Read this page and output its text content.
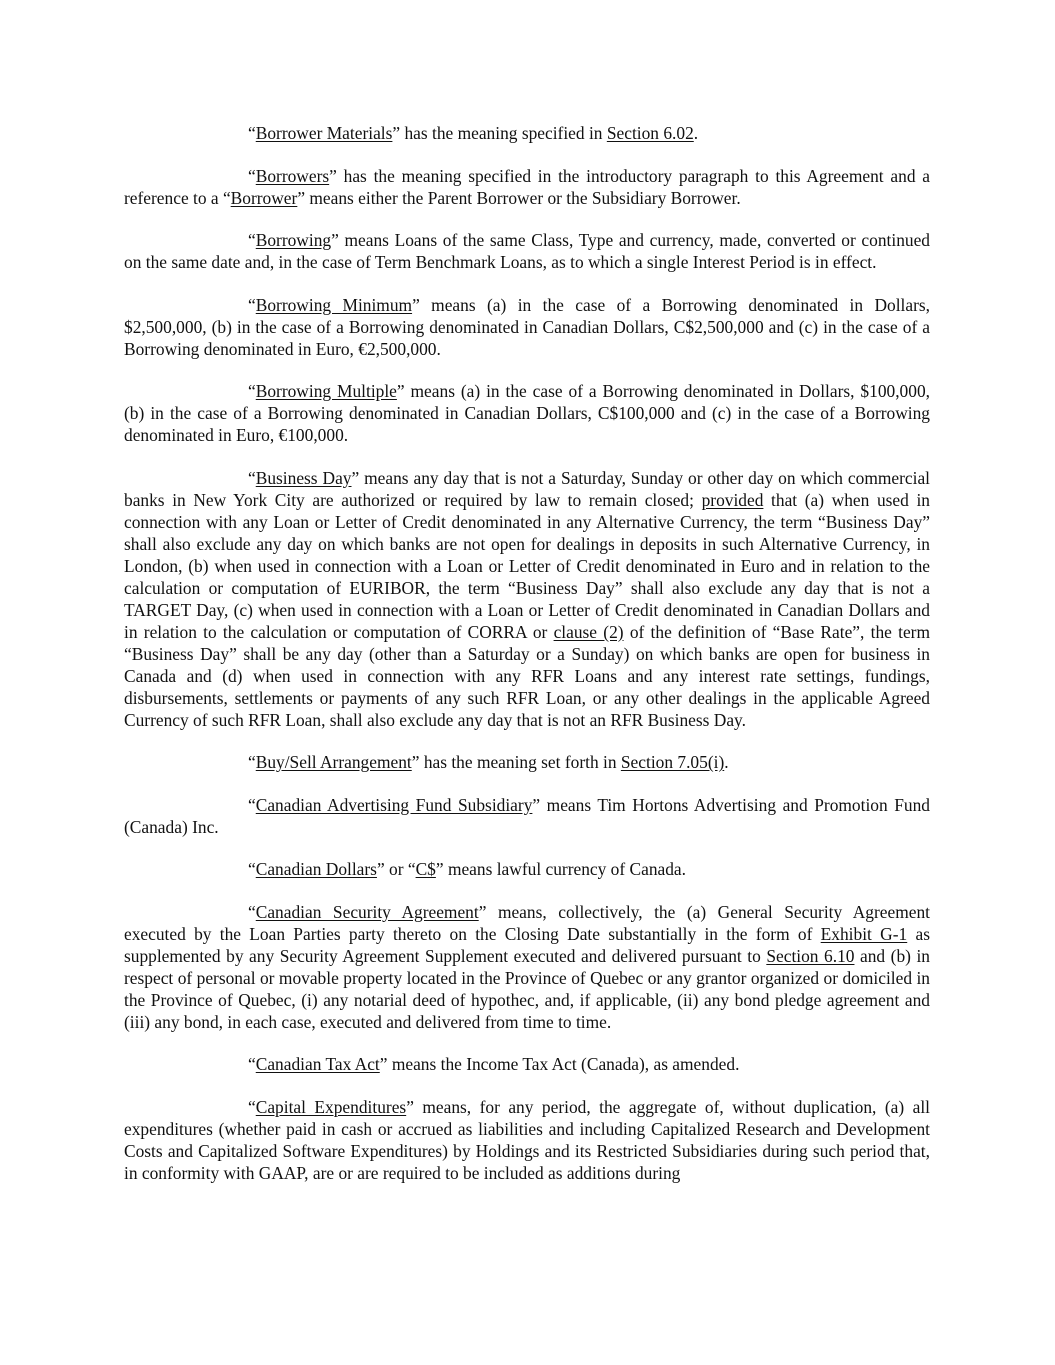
“Borrower Materials” has the meaning specified in Section 6.02.

“Borrowers” has the meaning specified in the introductory paragraph to this Agreement and a reference to a “Borrower” means either the Parent Borrower or the Subsidiary Borrower.

“Borrowing” means Loans of the same Class, Type and currency, made, converted or continued on the same date and, in the case of Term Benchmark Loans, as to which a single Interest Period is in effect.

“Borrowing Minimum” means (a) in the case of a Borrowing denominated in Dollars, $2,500,000, (b) in the case of a Borrowing denominated in Canadian Dollars, C$2,500,000 and (c) in the case of a Borrowing denominated in Euro, €2,500,000.

“Borrowing Multiple” means (a) in the case of a Borrowing denominated in Dollars, $100,000, (b) in the case of a Borrowing denominated in Canadian Dollars, C$100,000 and (c) in the case of a Borrowing denominated in Euro, €100,000.

“Business Day” means any day that is not a Saturday, Sunday or other day on which commercial banks in New York City are authorized or required by law to remain closed; provided that (a) when used in connection with any Loan or Letter of Credit denominated in any Alternative Currency, the term “Business Day” shall also exclude any day on which banks are not open for dealings in deposits in such Alternative Currency, in London, (b) when used in connection with a Loan or Letter of Credit denominated in Euro and in relation to the calculation or computation of EURIBOR, the term “Business Day” shall also exclude any day that is not a TARGET Day, (c) when used in connection with a Loan or Letter of Credit denominated in Canadian Dollars and in relation to the calculation or computation of CORRA or clause (2) of the definition of “Base Rate”, the term “Business Day” shall be any day (other than a Saturday or a Sunday) on which banks are open for business in Canada and (d) when used in connection with any RFR Loans and any interest rate settings, fundings, disbursements, settlements or payments of any such RFR Loan, or any other dealings in the applicable Agreed Currency of such RFR Loan, shall also exclude any day that is not an RFR Business Day.

“Buy/Sell Arrangement” has the meaning set forth in Section 7.05(i).

“Canadian Advertising Fund Subsidiary” means Tim Hortons Advertising and Promotion Fund (Canada) Inc.

“Canadian Dollars” or “C$” means lawful currency of Canada.

“Canadian Security Agreement” means, collectively, the (a) General Security Agreement executed by the Loan Parties party thereto on the Closing Date substantially in the form of Exhibit G-1 as supplemented by any Security Agreement Supplement executed and delivered pursuant to Section 6.10 and (b) in respect of personal or movable property located in the Province of Quebec or any grantor organized or domiciled in the Province of Quebec, (i) any notarial deed of hypothec, and, if applicable, (ii) any bond pledge agreement and (iii) any bond, in each case, executed and delivered from time to time.

“Canadian Tax Act” means the Income Tax Act (Canada), as amended.

“Capital Expenditures” means, for any period, the aggregate of, without duplication, (a) all expenditures (whether paid in cash or accrued as liabilities and including Capitalized Research and Development Costs and Capitalized Software Expenditures) by Holdings and its Restricted Subsidiaries during such period that, in conformity with GAAP, are or are required to be included as additions during
